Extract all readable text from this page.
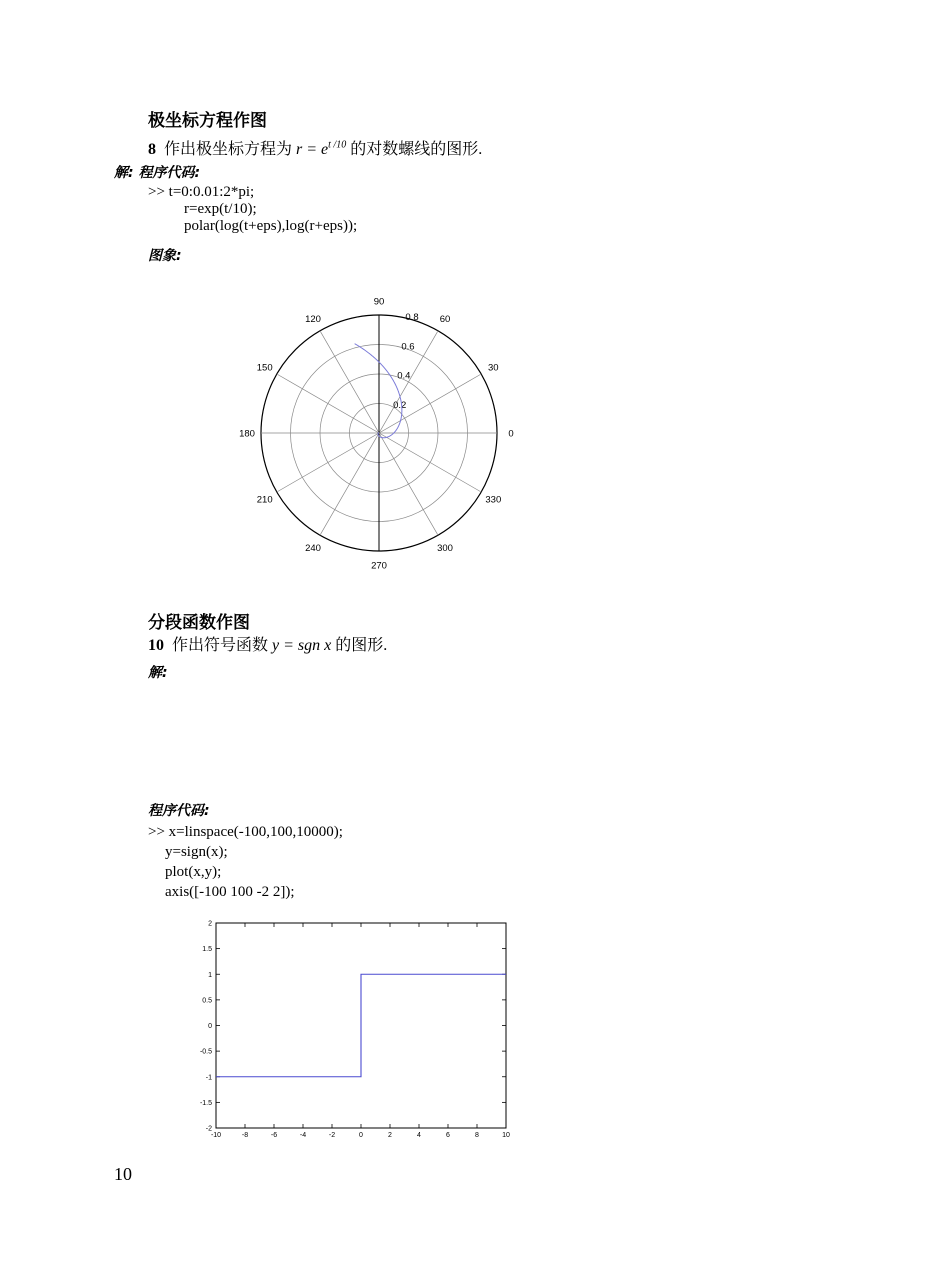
极坐标方程作图
8 作出极坐标方程为 $r = e^{t /10}$ 的对数螺线的图形.
解: 程序代码:
>> t=0:0.01:2*pi;
r=exp(t/10);
polar(log(t+eps),log(r+eps));
图象:
0
30
60
90
120
150
180
210
240
270
300
330
0.2
0.4
0.6
0.8
分段函数作图
10 作出符号函数 y = sgn x 的图形.
解:
程序代码:
>> x=linspace(-100,100,10000);
y=sign(x);
plot(x,y);
axis([-100 100 -2 2]);
-10	-8	-6	-4	-2	0	2	4	6	8	10
-2
-1.5
-1
-0.5
0
0.5
1
1.5
2
10
